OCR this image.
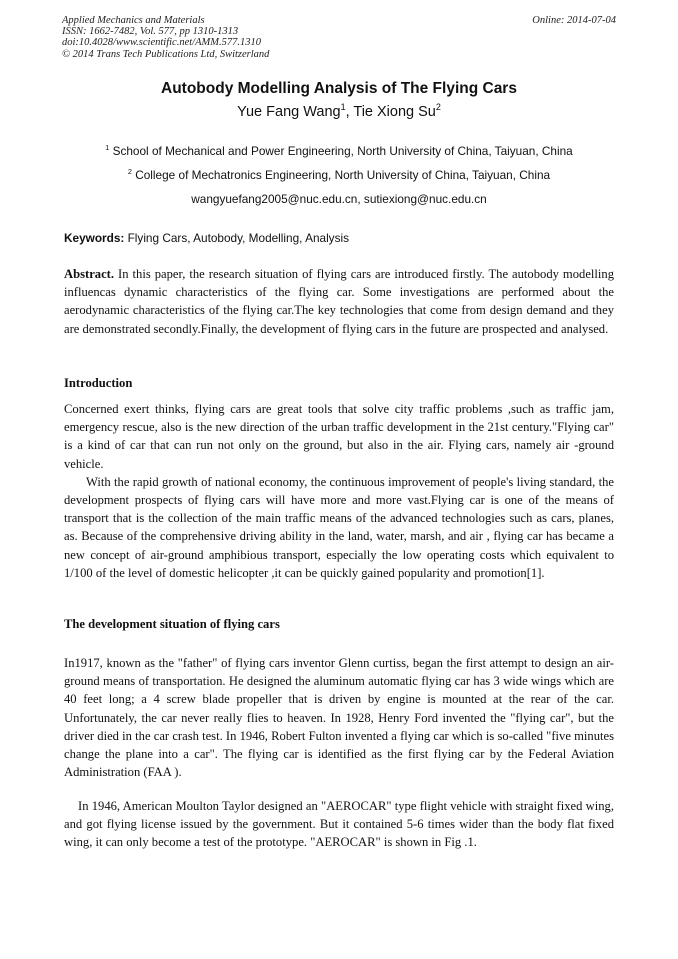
Applied Mechanics and Materials
ISSN: 1662-7482, Vol. 577, pp 1310-1313
doi:10.4028/www.scientific.net/AMM.577.1310
© 2014 Trans Tech Publications Ltd, Switzerland
Online: 2014-07-04
Autobody Modelling Analysis of The Flying Cars
Yue Fang Wang$^1$, Tie Xiong Su$^2$
$^1$ School of Mechanical and Power Engineering, North University of China, Taiyuan, China
$^2$ College of Mechatronics Engineering, North University of China, Taiyuan, China
wangyuefang2005@nuc.edu.cn, sutiexiong@nuc.edu.cn
Keywords: Flying Cars, Autobody, Modelling, Analysis

Abstract. In this paper, the research situation of flying cars are introduced firstly. The autobody modelling influencas dynamic characteristics of the flying car. Some investigations are performed about the aerodynamic characteristics of the flying car.The key technologies that come from design demand and they are demonstrated secondly.Finally, the development of flying cars in the future are prospected and analysed.

Introduction

Concerned exert thinks, flying cars are great tools that solve city traffic problems ,such as traffic jam, emergency rescue, also is the new direction of the urban traffic development in the 21st century."Flying car" is a kind of car that can run not only on the ground, but also in the air. Flying cars, namely air -ground vehicle.

With the rapid growth of national economy, the continuous improvement of people's living standard, the development prospects of flying cars will have more and more vast.Flying car is one of the means of transport that is the collection of the main traffic means of the advanced technologies such as cars, planes, as. Because of the comprehensive driving ability in the land, water, marsh, and air , flying car has became a new concept of air-ground amphibious transport, especially the low operating costs which equivalent to 1/100 of the level of domestic helicopter ,it can be quickly gained popularity and promotion[1].

The development situation of flying cars

In1917, known as the "father" of flying cars inventor Glenn curtiss, began the first attempt to design an air-ground means of transportation. He designed the aluminum automatic flying car has 3 wide wings which are 40 feet long; a 4 screw blade propeller that is driven by engine is mounted at the rear of the car. Unfortunately, the car never really flies to heaven. In 1928, Henry Ford invented the "flying car", but the driver died in the car crash test. In 1946, Robert Fulton invented a flying car which is so-called "five minutes change the plane into a car". The flying car is identified as the first flying car by the Federal Aviation Administration (FAA ).

In 1946, American Moulton Taylor designed an "AEROCAR" type flight vehicle with straight fixed wing, and got flying license issued by the government. But it contained 5-6 times wider than the body flat fixed wing, it can only become a test of the prototype. "AEROCAR" is shown in Fig .1.
